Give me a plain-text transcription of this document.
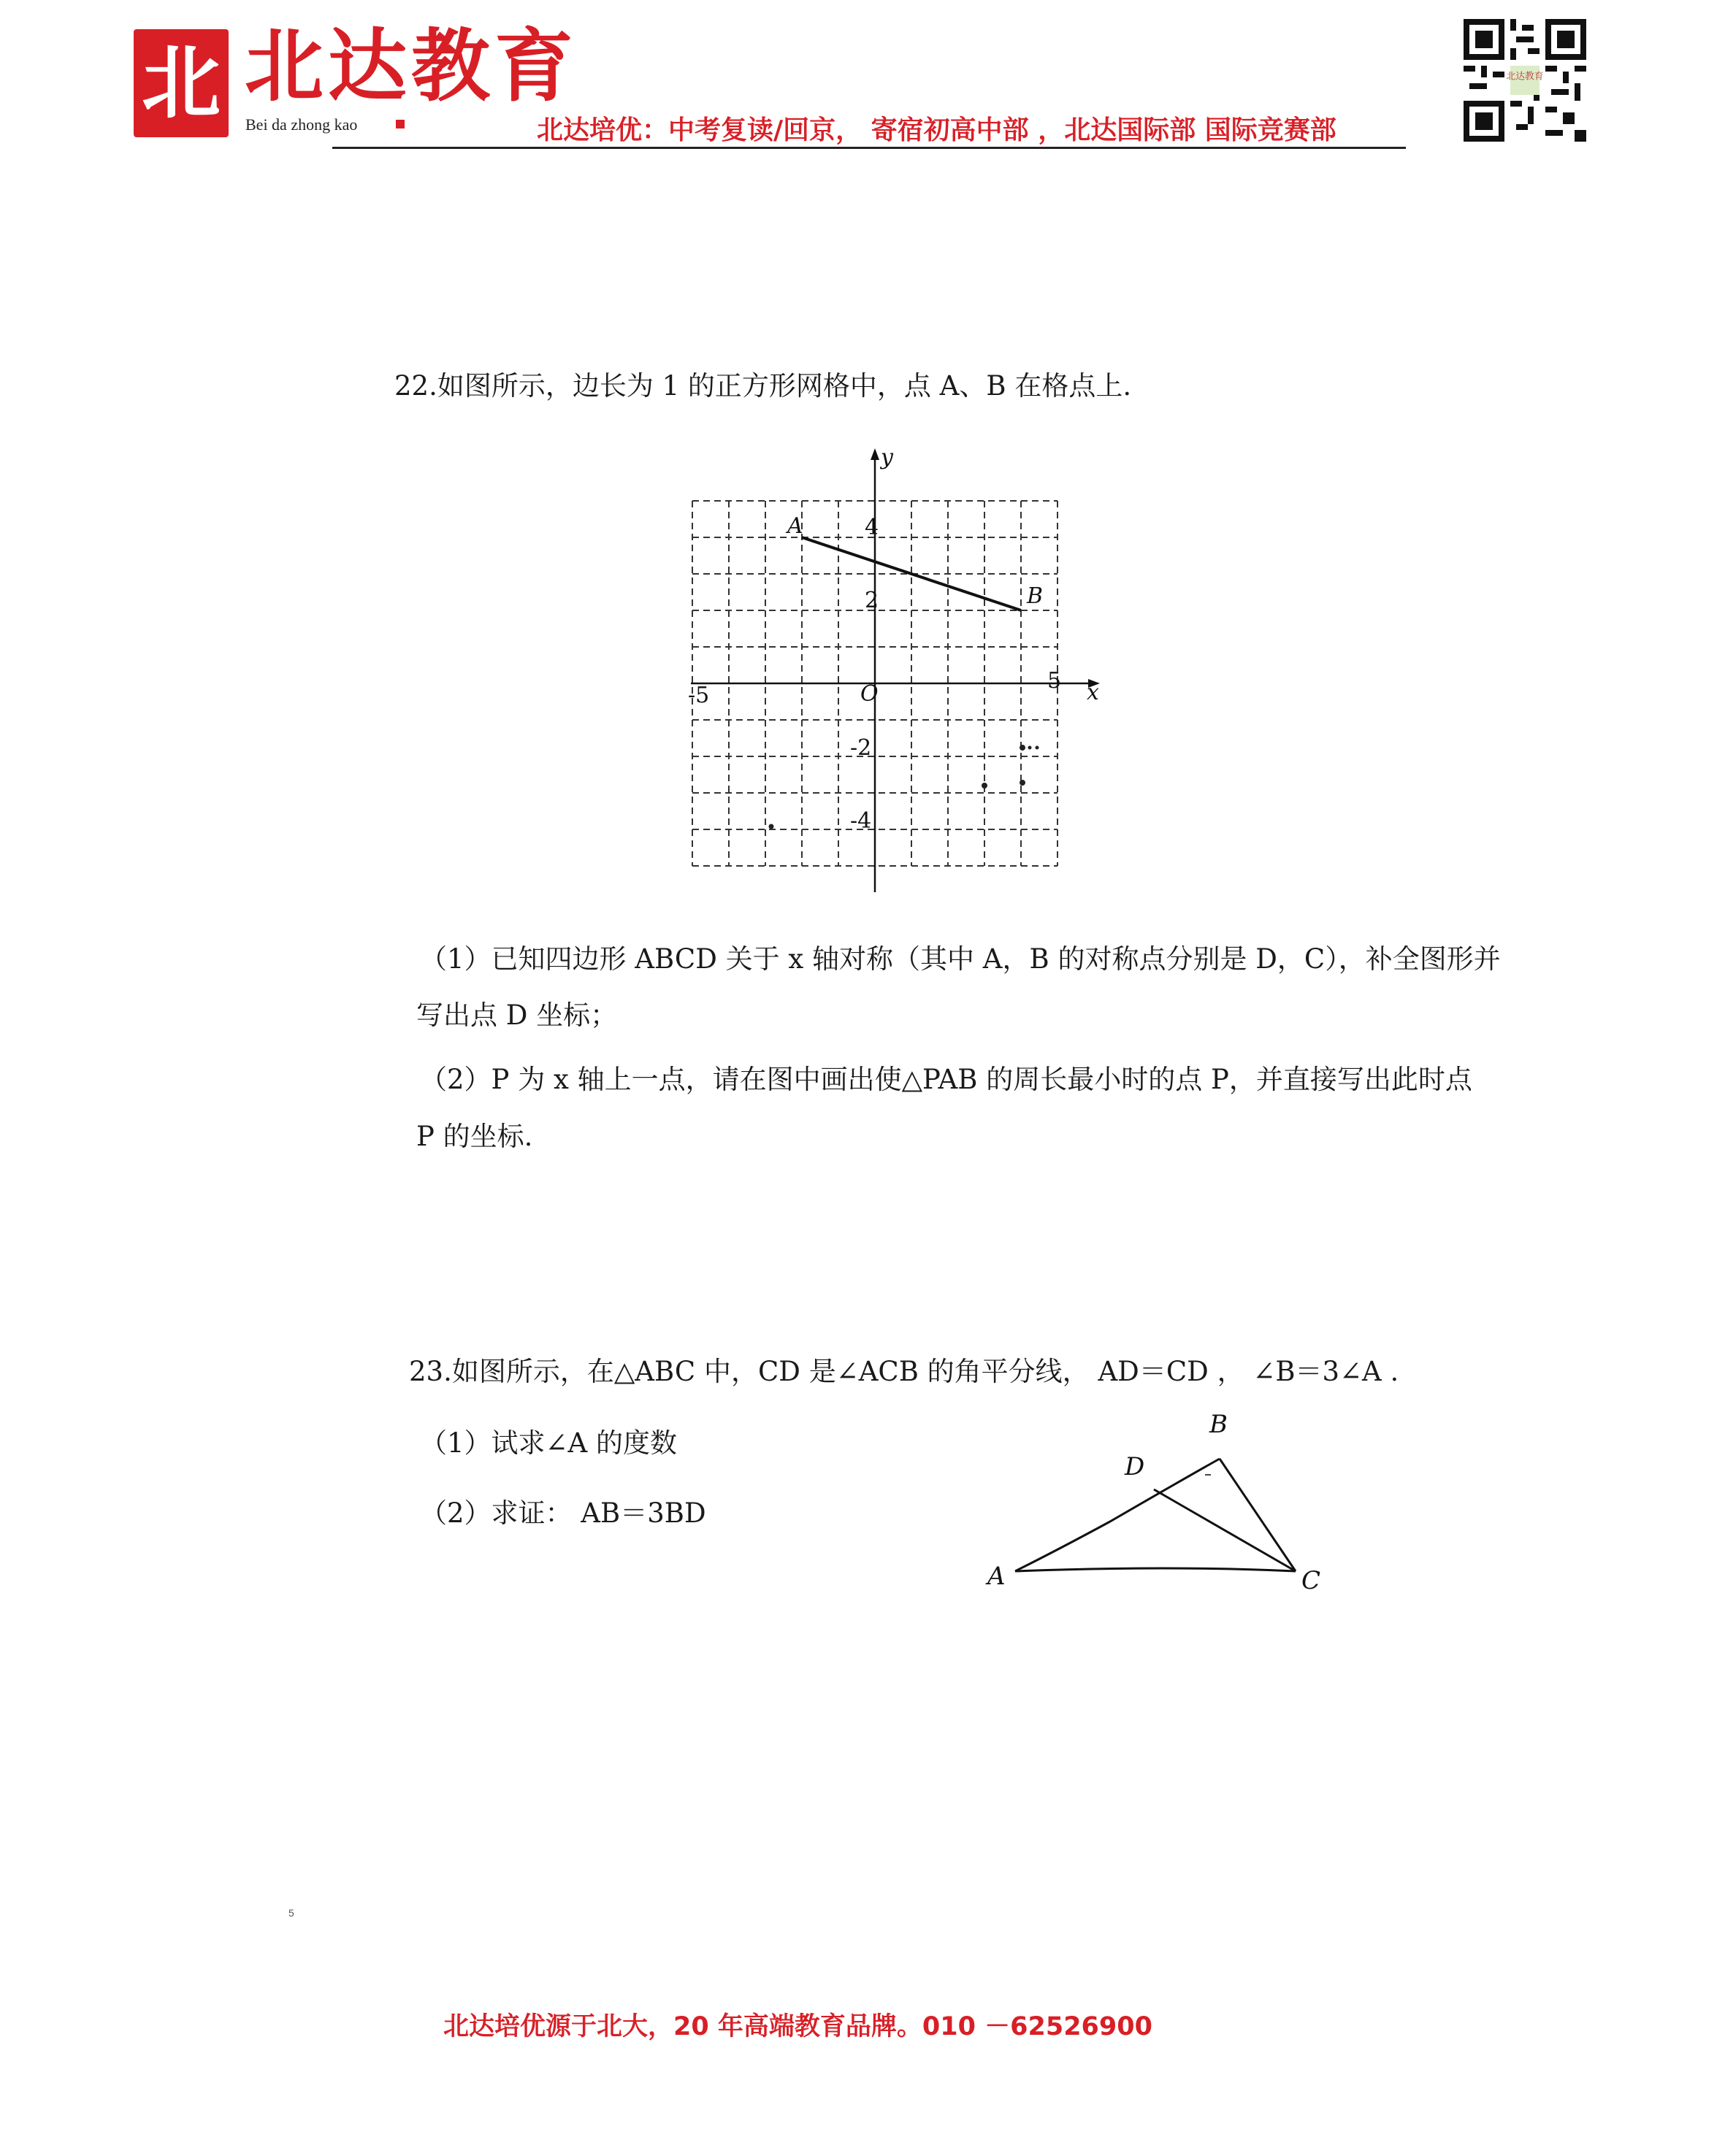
北 北达教育
Bei da zhong kao	北达培优：中考复读/回京， 寄宿初高中部 ，北达国际部 国际竞赛部
北达教育
22.如图所示，边长为 1 的正方形网格中，点 A、B 在格点上.
x
y
O
-5
5
4
2
-2
-4
A
B
（1）已知四边形 ABCD 关于 x 轴对称（其中 A，B 的对称点分别是 D，C），补全图形并
写出点 D 坐标；
（2）P 为 x 轴上一点，请在图中画出使△PAB 的周长最小时的点 P，并直接写出此时点
P 的坐标.
23.如图所示，在△ABC 中，CD 是∠ACB 的角平分线， AD＝CD ， ∠B＝3∠A .
（1）试求∠A 的度数
（2）求证： AB＝3BD
A
B
C
D
5
北达培优源于北大，20 年高端教育品牌。010 －62526900
